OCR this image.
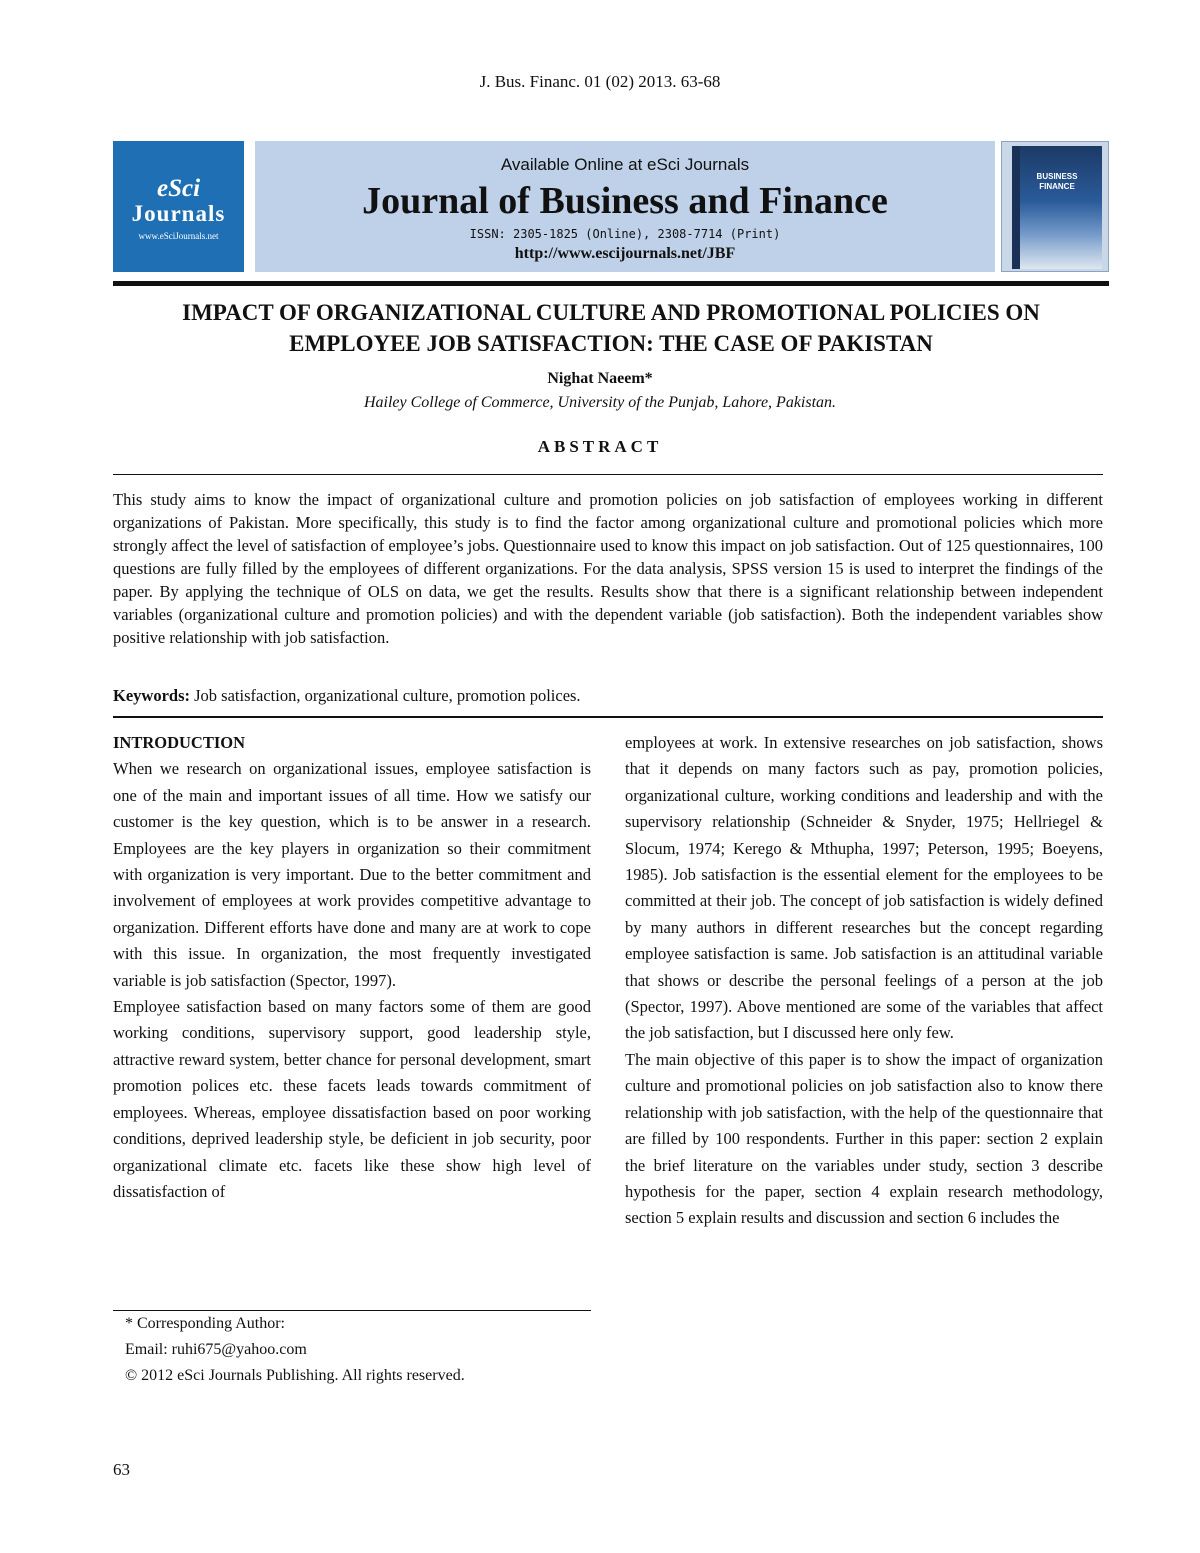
J. Bus. Financ. 01 (02) 2013. 63-68
eSci
Journals
www.eSciJournals.net
Available Online at eSci Journals
Journal of Business and Finance
ISSN: 2305-1825 (Online), 2308-7714 (Print)
http://www.escijournals.net/JBF
BUSINESS
FINANCE
IMPACT OF ORGANIZATIONAL CULTURE AND PROMOTIONAL POLICIES ON
EMPLOYEE JOB SATISFACTION: THE CASE OF PAKISTAN
Nighat Naeem*
Hailey College of Commerce, University of the Punjab, Lahore, Pakistan.
ABSTRACT
This study aims to know the impact of organizational culture and promotion policies on job satisfaction of employees working in different organizations of Pakistan. More specifically, this study is to find the factor among organizational culture and promotional policies which more strongly affect the level of satisfaction of employee’s jobs. Questionnaire used to know this impact on job satisfaction. Out of 125 questionnaires, 100 questions are fully filled by the employees of different organizations. For the data analysis, SPSS version 15 is used to interpret the findings of the paper. By applying the technique of OLS on data, we get the results. Results show that there is a significant relationship between independent variables (organizational culture and promotion policies) and with the dependent variable (job satisfaction). Both the independent variables show positive relationship with job satisfaction.
Keywords: Job satisfaction, organizational culture, promotion polices.
INTRODUCTION

When we research on organizational issues, employee satisfaction is one of the main and important issues of all time. How we satisfy our customer is the key question, which is to be answer in a research. Employees are the key players in organization so their commitment with organization is very important. Due to the better commitment and involvement of employees at work provides competitive advantage to organization. Different efforts have done and many are at work to cope with this issue. In organization, the most frequently investigated variable is job satisfaction (Spector, 1997).

Employee satisfaction based on many factors some of them are good working conditions, supervisory support, good leadership style, attractive reward system, better chance for personal development, smart promotion polices etc. these facets leads towards commitment of employees. Whereas, employee dissatisfaction based on poor working conditions, deprived leadership style, be deficient in job security, poor organizational climate etc. facets like these show high level of dissatisfaction of

employees at work. In extensive researches on job satisfaction, shows that it depends on many factors such as pay, promotion policies, organizational culture, working conditions and leadership and with the supervisory relationship (Schneider & Snyder, 1975; Hellriegel & Slocum, 1974; Kerego & Mthupha, 1997; Peterson, 1995; Boeyens, 1985). Job satisfaction is the essential element for the employees to be committed at their job. The concept of job satisfaction is widely defined by many authors in different researches but the concept regarding employee satisfaction is same. Job satisfaction is an attitudinal variable that shows or describe the personal feelings of a person at the job (Spector, 1997). Above mentioned are some of the variables that affect the job satisfaction, but I discussed here only few.

The main objective of this paper is to show the impact of organization culture and promotional policies on job satisfaction also to know there relationship with job satisfaction, with the help of the questionnaire that are filled by 100 respondents. Further in this paper: section 2 explain the brief literature on the variables under study, section 3 describe hypothesis for the paper, section 4 explain research methodology, section 5 explain results and discussion and section 6 includes the

* Corresponding Author:
Email: ruhi675@yahoo.com
© 2012 eSci Journals Publishing. All rights reserved.
63
